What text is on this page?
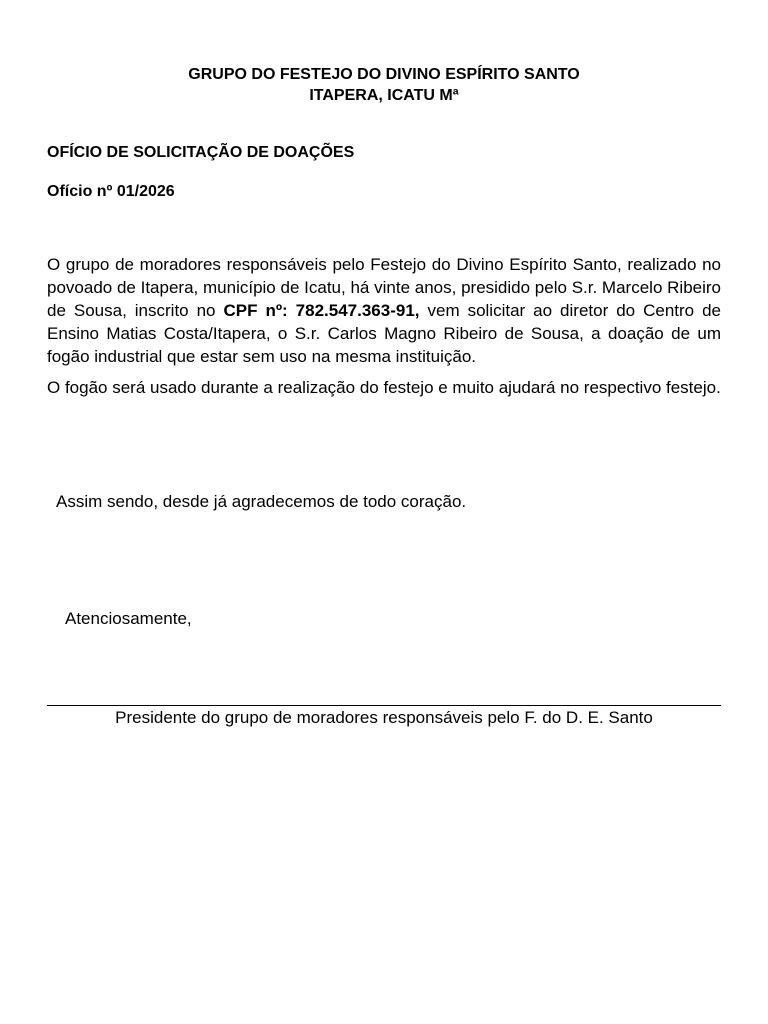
GRUPO DO FESTEJO DO DIVINO ESPÍRITO SANTO
ITAPERA, ICATU Mª
OFÍCIO DE SOLICITAÇÃO DE DOAÇÕES
Ofício nº 01/2026

O grupo de moradores responsáveis pelo Festejo do Divino Espírito Santo, realizado no povoado de Itapera, município de Icatu, há vinte anos, presidido pelo S.r. Marcelo Ribeiro de Sousa, inscrito no CPF nº: 782.547.363-91, vem solicitar ao diretor do Centro de Ensino Matias Costa/Itapera, o S.r. Carlos Magno Ribeiro de Sousa, a doação de um fogão industrial que estar sem uso na mesma instituição.

O fogão será usado durante a realização do festejo e muito ajudará no respectivo festejo.

Assim sendo, desde já agradecemos de todo coração.
Atenciosamente,
Presidente do grupo de moradores responsáveis pelo F. do D. E. Santo
